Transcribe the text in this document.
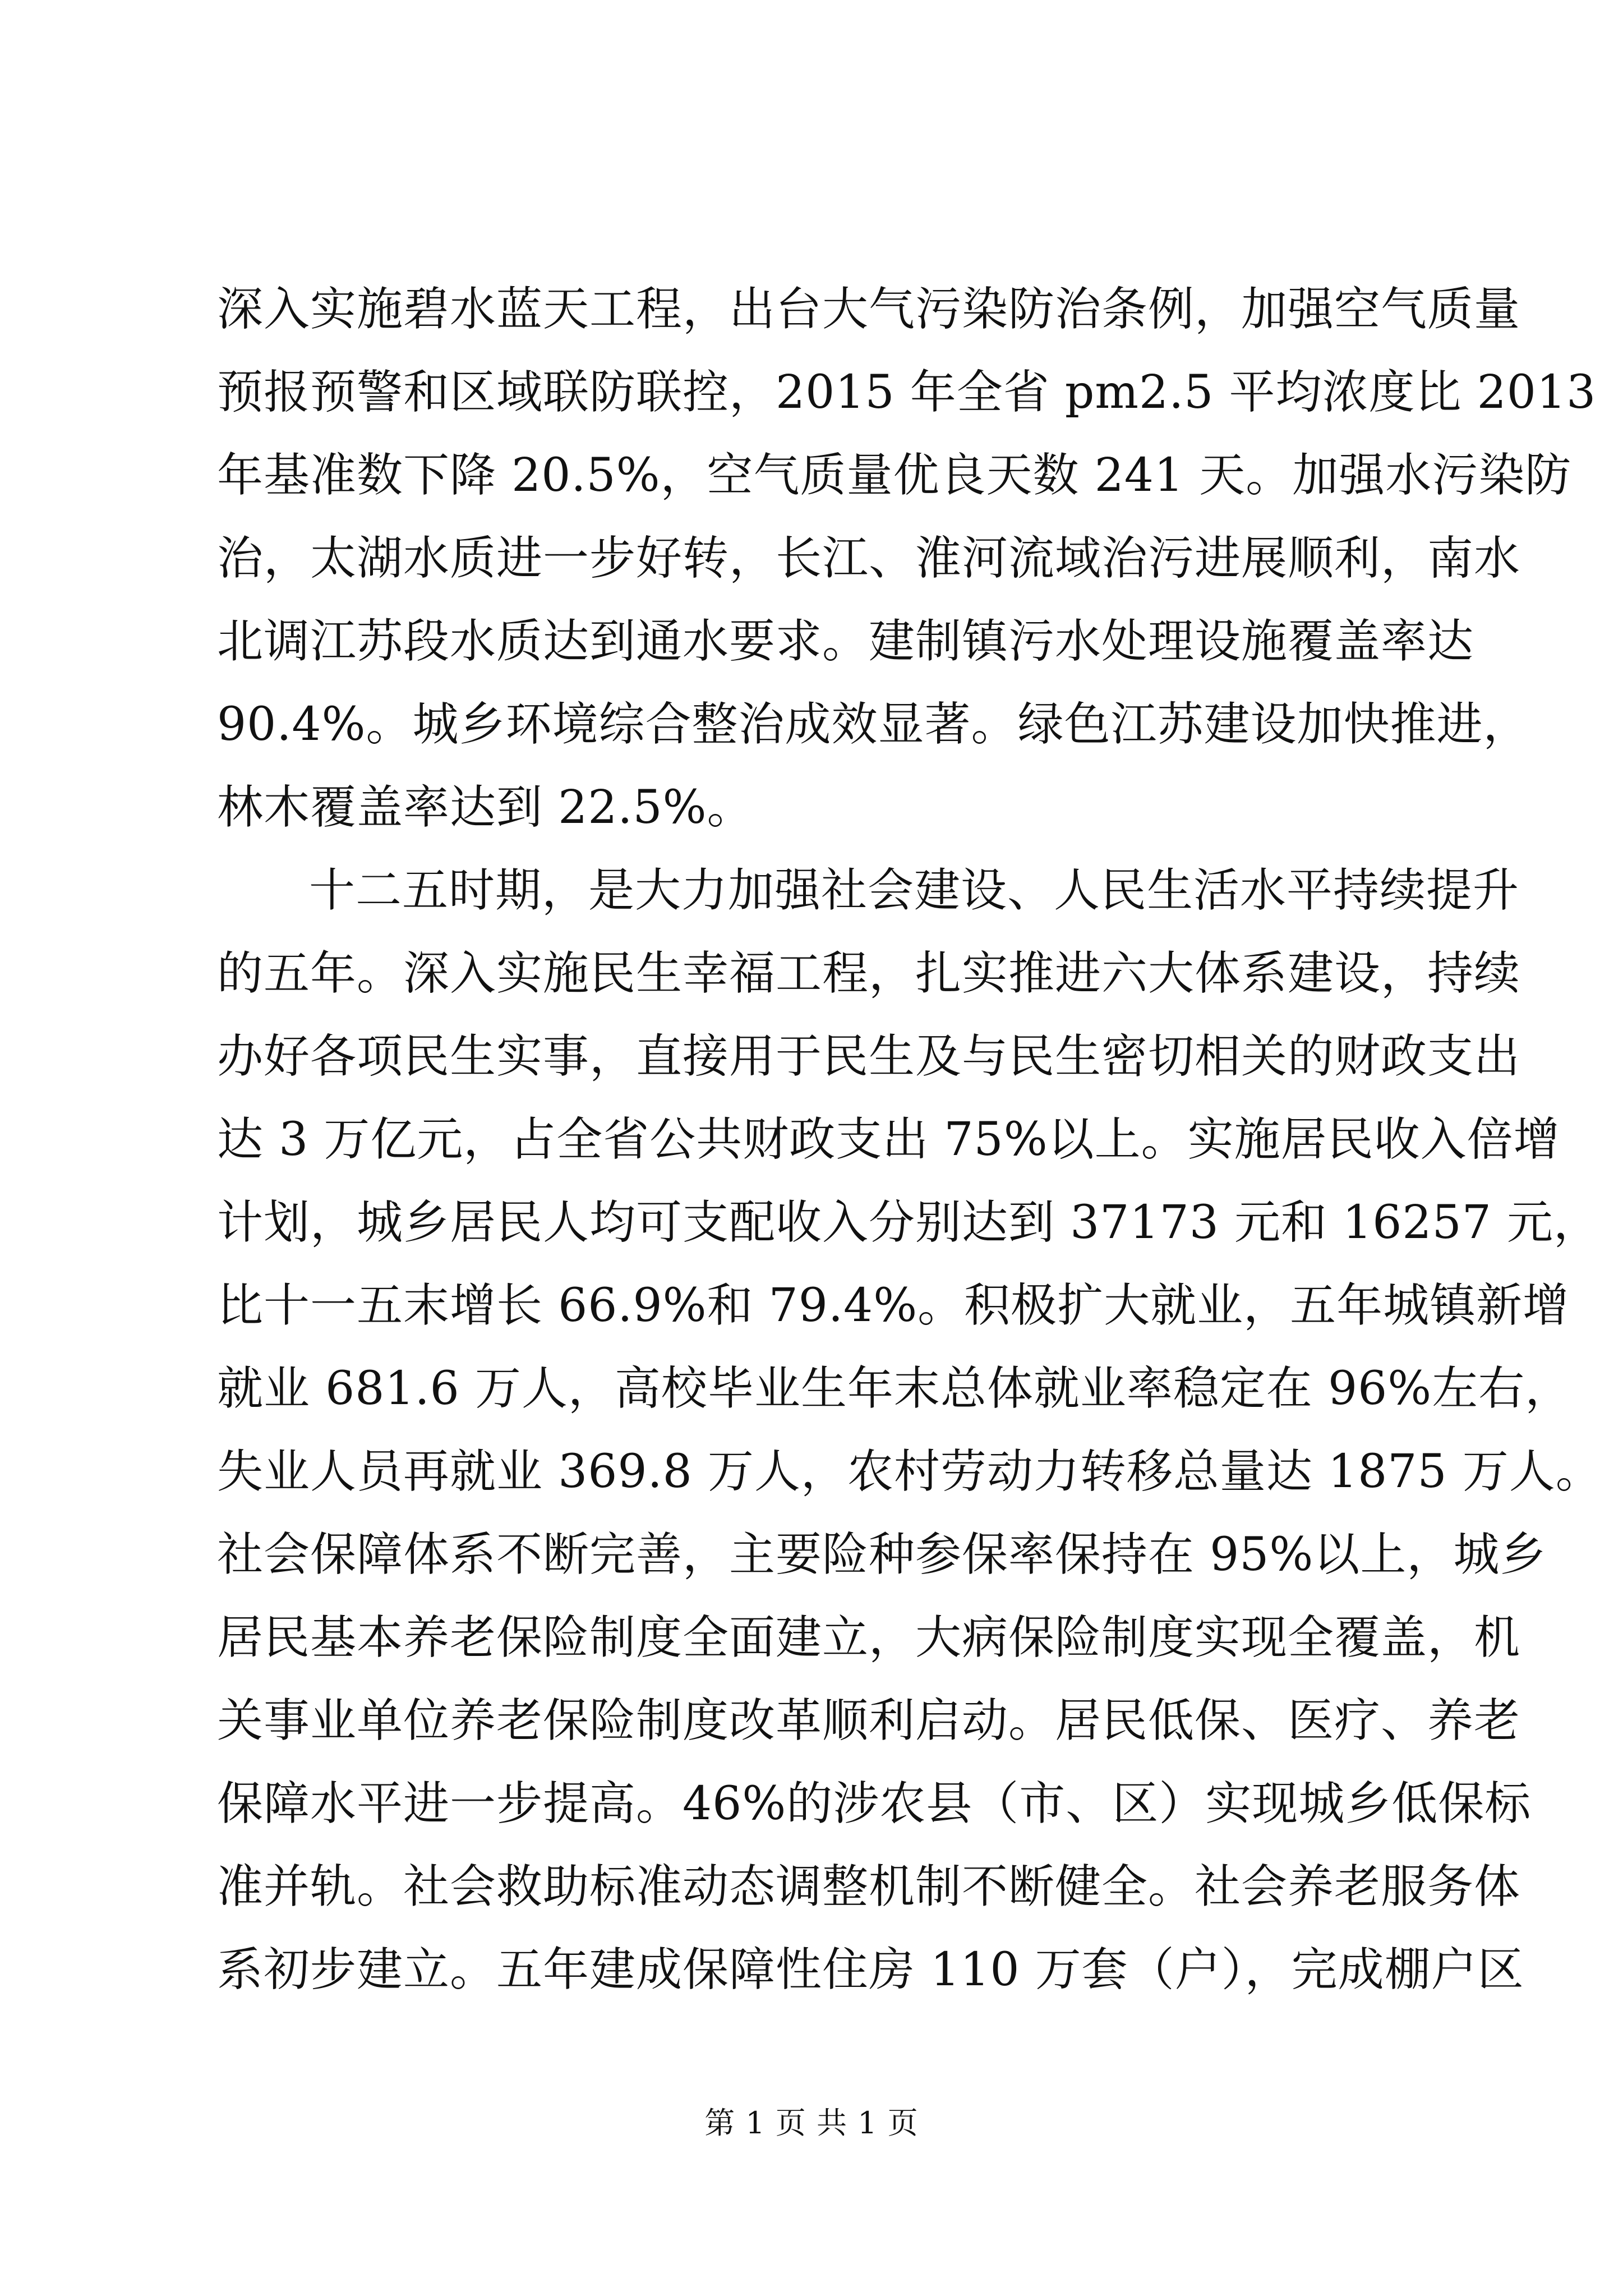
深入实施碧水蓝天工程，出台大气污染防治条例，加强空气质量
预报预警和区域联防联控，2015 年全省 pm2.5 平均浓度比 2013
年基准数下降 20.5%，空气质量优良天数 241 天。加强水污染防
治，太湖水质进一步好转，长江、淮河流域治污进展顺利，南水
北调江苏段水质达到通水要求。建制镇污水处理设施覆盖率达
90.4%。城乡环境综合整治成效显著。绿色江苏建设加快推进，
林木覆盖率达到 22.5%。
十二五时期，是大力加强社会建设、人民生活水平持续提升
的五年。深入实施民生幸福工程，扎实推进六大体系建设，持续
办好各项民生实事，直接用于民生及与民生密切相关的财政支出
达 3 万亿元，占全省公共财政支出 75%以上。实施居民收入倍增
计划，城乡居民人均可支配收入分别达到 37173 元和 16257 元，
比十一五末增长 66.9%和 79.4%。积极扩大就业，五年城镇新增
就业 681.6 万人，高校毕业生年末总体就业率稳定在 96%左右，
失业人员再就业 369.8 万人，农村劳动力转移总量达 1875 万人。
社会保障体系不断完善，主要险种参保率保持在 95%以上，城乡
居民基本养老保险制度全面建立，大病保险制度实现全覆盖，机
关事业单位养老保险制度改革顺利启动。居民低保、医疗、养老
保障水平进一步提高。46%的涉农县（市、区）实现城乡低保标
准并轨。社会救助标准动态调整机制不断健全。社会养老服务体
系初步建立。五年建成保障性住房 110 万套（户），完成棚户区
第 1 页 共 1 页
